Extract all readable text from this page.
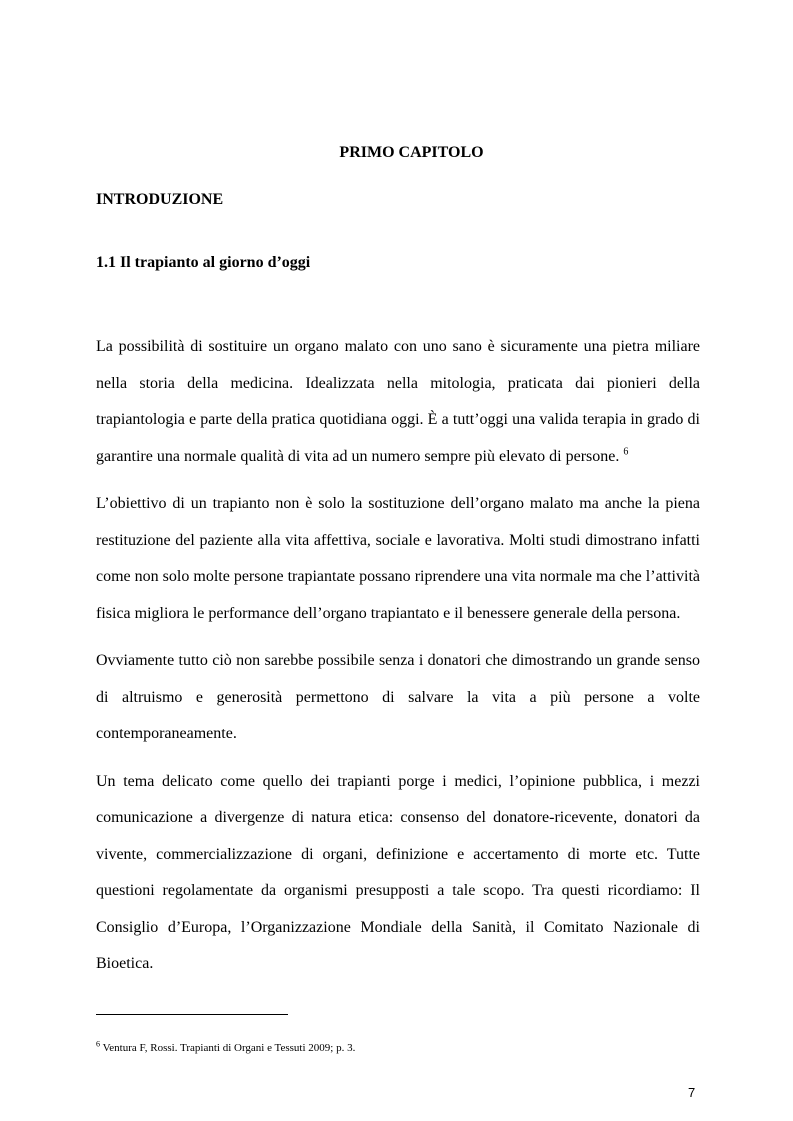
PRIMO CAPITOLO
INTRODUZIONE
1.1 Il trapianto al giorno d’oggi

La possibilità di sostituire un organo malato con uno sano è sicuramente una pietra miliare nella storia della medicina. Idealizzata nella mitologia, praticata dai pionieri della trapiantologia e parte della pratica quotidiana oggi. È a tutt’oggi una valida terapia in grado di garantire una normale qualità di vita ad un numero sempre più elevato di persone. $^6$

L’obiettivo di un trapianto non è solo la sostituzione dell’organo malato ma anche la piena restituzione del paziente alla vita affettiva, sociale e lavorativa. Molti studi dimostrano infatti come non solo molte persone trapiantate possano riprendere una vita normale ma che l’attività fisica migliora le performance dell’organo trapiantato e il benessere generale della persona.

Ovviamente tutto ciò non sarebbe possibile senza i donatori che dimostrando un grande senso di altruismo e generosità permettono di salvare la vita a più persone a volte contemporaneamente.

Un tema delicato come quello dei trapianti porge i medici, l’opinione pubblica, i mezzi comunicazione a divergenze di natura etica: consenso del donatore-ricevente, donatori da vivente, commercializzazione di organi, definizione e accertamento di morte etc. Tutte questioni regolamentate da organismi presupposti a tale scopo. Tra questi ricordiamo: Il Consiglio d’Europa, l’Organizzazione Mondiale della Sanità, il Comitato Nazionale di Bioetica.

$^6$ Ventura F, Rossi. Trapianti di Organi e Tessuti 2009; p. 3.
7
